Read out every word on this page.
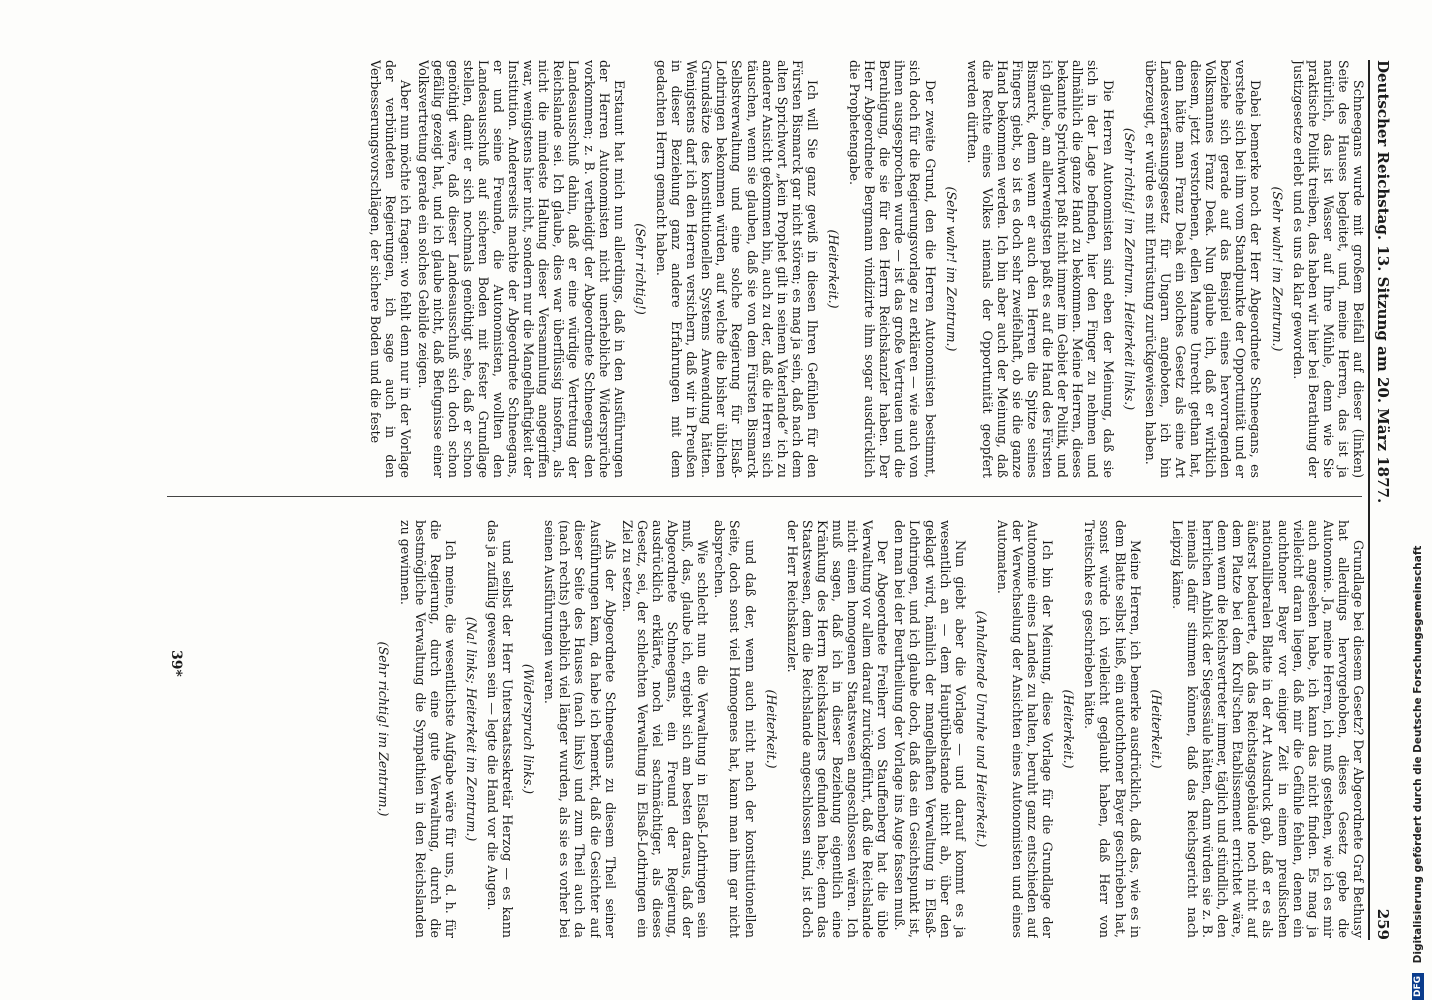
Deutscher Reichstag. 13. Sitzung am 20. März 1877.
259

Schneegans wurde mit großem Beifall auf dieser (linken) Seite des Hauses begleitet, und, meine Herren, das ist ja natürlich, das ist Wasser auf Ihre Mühle, denn wie Sie praktische Politik treiben, das haben wir hier bei Berathung der Justizgesetze erlebt und es uns da klar geworden.

(Sehr wahr! im Zentrum.)

Dabei bemerke noch der Herr Abgeordnete Schneegans, es verstehe sich bei ihm vom Standpunkte der Opportunität und er beziehe sich gerade auf das Beispiel eines hervorragenden Volksmannes Franz Deak. Nun glaube ich, daß er wirklich diesem, jetzt verstorbenen, edlen Manne Unrecht gethan hat, denn hätte man Franz Deak ein solches Gesetz als eine Art Landesverfassungsgesetz für Ungarn angeboten, ich bin überzeugt, er würde es mit Entrüstung zurückgewiesen haben.

(Sehr richtig! im Zentrum. Heiterkeit links.)

Die Herren Autonomisten sind eben der Meinung, daß sie sich in der Lage befinden, hier den Finger zu nehmen und allmählich die ganze Hand zu bekommen. Meine Herren, dieses bekannte Sprichwort paßt nicht immer im Gebiet der Politik, und ich glaube, am allerwenigsten paßt es auf die Hand des Fürsten Bismarck, denn wenn er auch den Herren die Spitze seines Fingers giebt, so ist es doch sehr zweifelhaft, ob sie die ganze Hand bekommen werden. Ich bin aber auch der Meinung, daß die Rechte eines Volkes niemals der Opportunität geopfert werden dürften.

(Sehr wahr! im Zentrum.)

Der zweite Grund, den die Herren Autonomisten bestimmt, sich doch für die Regierungsvorlage zu erklären — wie auch von ihnen ausgesprochen wurde — ist das große Vertrauen und die Beruhigung, die sie für den Herrn Reichskanzler haben. Der Herr Abgeordnete Bergmann vindizirte ihm sogar ausdrücklich die Prophetengabe.

(Heiterkeit.)

Ich will Sie ganz gewiß in diesen Ihren Gefühlen für den Fürsten Bismarck gar nicht stören; es mag ja sein, daß nach dem alten Sprichwort „kein Prophet gilt in seinem Vaterlande“ ich zu anderer Ansicht gekommen bin, auch zu der, daß die Herren sich täuschen, wenn sie glauben, daß sie von dem Fürsten Bismarck Selbstverwaltung und eine solche Regierung für Elsaß-Lothringen bekommen würden, auf welche die bisher üblichen Grundsätze des konstitutionellen Systems Anwendung hätten. Wenigstens darf ich den Herren versichern, daß wir in Preußen in dieser Beziehung ganz andere Erfahrungen mit dem gedachten Herrn gemacht haben.

(Sehr richtig!)

Erstaunt hat mich nun allerdings, daß in den Ausführungen der Herren Autonomisten nicht unerhebliche Widersprüche vorkommen; z. B. vertheidigt der Abgeordnete Schneegans den Landesausschuß dahin, daß er eine würdige Vertretung der Reichslande sei. Ich glaube, dies war überflüssig insofern, als nicht die mindeste Haltung dieser Versammlung angegriffen war, wenigstens hier nicht, sondern nur die Mangelhaftigkeit der Institution. Andererseits machte der Abgeordnete Schneegans, er und seine Freunde, die Autonomisten, wollten den Landesausschuß auf sicheren Boden mit fester Grundlage stellen, damit er sich nochmals genöthigt sehe, daß er schon genöthigt wäre, daß dieser Landesausschuß sich doch schon gefällig gezeigt hat, und ich glaube nicht, daß Befugnisse einer Volksvertretung gerade ein solches Gebilde zeigen.

Aber nun möchte ich fragen: wo fehlt denn nur in der Vorlage der verbündeten Regierungen, ich sage auch in den Verbesserungsvorschlägen, der sichere Boden und die feste

Grundlage bei diesem Gesetz? Der Abgeordnete Graf Bethusy hat allerdings hervorgehoben, dieses Gesetz gebe die Autonomie. Ja, meine Herren, ich muß gestehen, wie ich es mir auch angesehen habe, ich kann das nicht finden. Es mag ja vielleicht daran liegen, daß mir die Gefühle fehlen, denen ein auchthoner Bayer vor einiger Zeit in einem preußischen nationalliberalen Blatte in der Art Ausdruck gab, daß er es als äußerst bedauerte, daß das Reichstagsgebäude noch nicht auf dem Platze bei dem Kroll'schen Etablissement errichtet wäre, denn wenn die Reichsvertreter immer, täglich und stündlich, den herrlichen Anblick der Siegessäule hätten, dann würden sie z. B. niemals dafür stimmen können, daß das Reichsgericht nach Leipzig käme.

(Heiterkeit.)

Meine Herren, ich bemerke ausdrücklich, daß das, wie es in dem Blatte selbst hieß, ein autochthoner Bayer geschrieben hat, sonst würde ich vielleicht geglaubt haben, daß Herr von Treitschke es geschrieben hätte.

(Heiterkeit.)

Ich bin der Meinung, diese Vorlage für die Grundlage der Autonomie eines Landes zu halten, beruht ganz entschieden auf der Verwechselung der Ansichten eines Autonomisten und eines Automaten.

(Anhaltende Unruhe und Heiterkeit.)

Nun giebt aber die Vorlage — und darauf kommt es ja wesentlich an — dem Hauptübelstande nicht ab, über den geklagt wird, nämlich der mangelhaften Verwaltung in Elsaß-Lothringen, und ich glaube doch, daß das ein Gesichtspunkt ist, den man bei der Beurtheilung der Vorlage ins Auge fassen muß.

Der Abgeordnete Freiherr von Stauffenberg hat die üble Verwaltung vor allem darauf zurückgeführt, daß die Reichslande nicht einen homogenen Staatswesen angeschlossen wären. Ich muß sagen, daß ich in dieser Beziehung eigentlich eine Kränkung des Herrn Reichskanzlers gefunden habe; denn das Staatswesen, dem die Reichslande angeschlossen sind, ist doch der Herr Reichskanzler.

(Heiterkeit.)

und daß der, wenn auch nicht nach der konstitutionellen Seite, doch sonst viel Homogenes hat, kann man ihm gar nicht absprechen.

Wie schlecht nun die Verwaltung in Elsaß-Lothringen sein muß, das, glaube ich, ergiebt sich am besten daraus, daß der Abgeordnete Schneegans, ein Freund der Regierung, ausdrücklich erklärte, noch viel sachmächtiger, als dieses Gesetz, sei, der schlechten Verwaltung in Elsaß-Lothringen ein Ziel zu setzen.

Als der Abgeordnete Schneegans zu diesem Theil seiner Ausführungen kam, da habe ich bemerkt, daß die Gesichter auf dieser Seite des Hauses (nach links) und zum Theil auch da (nach rechts) erheblich viel länger wurden, als sie es vorher bei seinen Ausführungen waren.

(Widerspruch links.)

und selbst der Herr Unterstaatssekretär Herzog — es kann das ja zufällig gewesen sein — legte die Hand vor die Augen.

(Na! links; Heiterkeit im Zentrum.)

Ich meine, die wesentlichste Aufgabe wäre für uns, d. h. für die Regierung, durch eine gute Verwaltung, durch die bestmögliche Verwaltung die Sympathien in den Reichslanden zu gewinnen.

(Sehr richtig! im Zentrum.)

39*
DFG Digitalisierung gefördert durch die Deutsche Forschungsgemeinschaft
